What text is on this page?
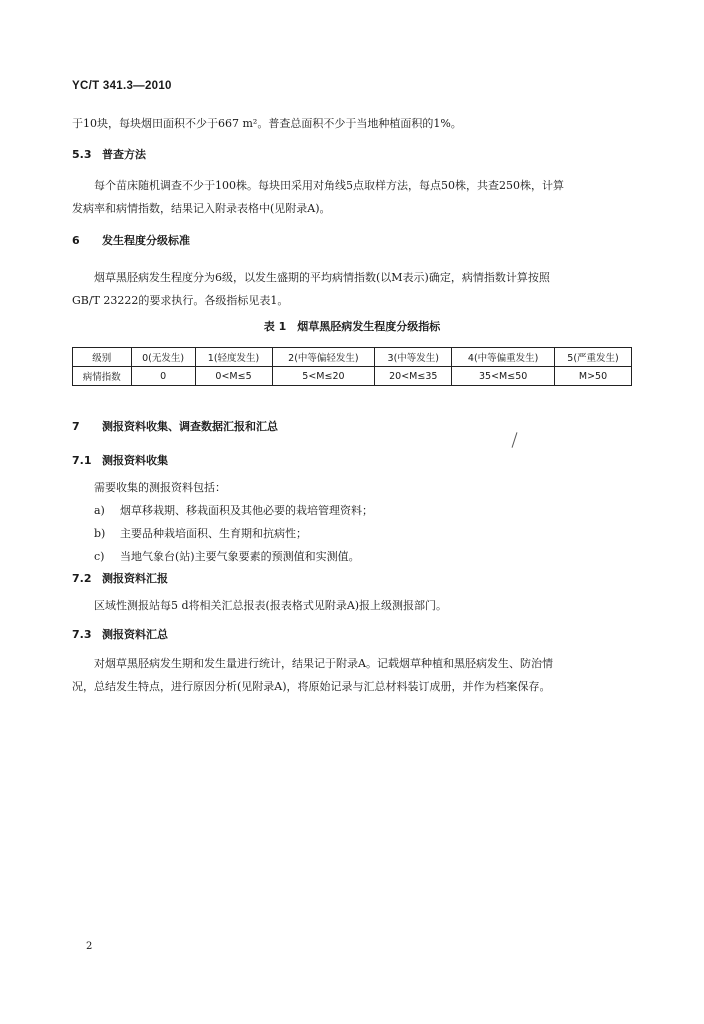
YC/T 341.3—2010
于10块，每块烟田面积不少于667 m²。普查总面积不少于当地种植面积的1%。
5.3 普查方法
每个苗床随机调查不少于100株。每块田采用对角线5点取样方法，每点50株，共查250株，计算
发病率和病情指数，结果记入附录表格中(见附录A)。
6 发生程度分级标准
烟草黑胫病发生程度分为6级，以发生盛期的平均病情指数(以M表示)确定，病情指数计算按照
GB/T 23222的要求执行。各级指标见表1。
表 1　烟草黑胫病发生程度分级指标
级别	0(无发生)	1(轻度发生)	2(中等偏轻发生)	3(中等发生)	4(中等偏重发生)	5(严重发生)
病情指数	0	0<M≤5	5<M≤20	20<M≤35	35<M≤50	M>50
7 测报资料收集、调查数据汇报和汇总
7.1 测报资料收集
需要收集的测报资料包括：
a) 烟草移栽期、移栽面积及其他必要的栽培管理资料；
b) 主要品种栽培面积、生育期和抗病性；
c) 当地气象台(站)主要气象要素的预测值和实测值。
7.2 测报资料汇报
区域性测报站每5 d将相关汇总报表(报表格式见附录A)报上级测报部门。
7.3 测报资料汇总
对烟草黑胫病发生期和发生量进行统计，结果记于附录A。记载烟草种植和黑胫病发生、防治情
况，总结发生特点，进行原因分析(见附录A)，将原始记录与汇总材料装订成册，并作为档案保存。
2
